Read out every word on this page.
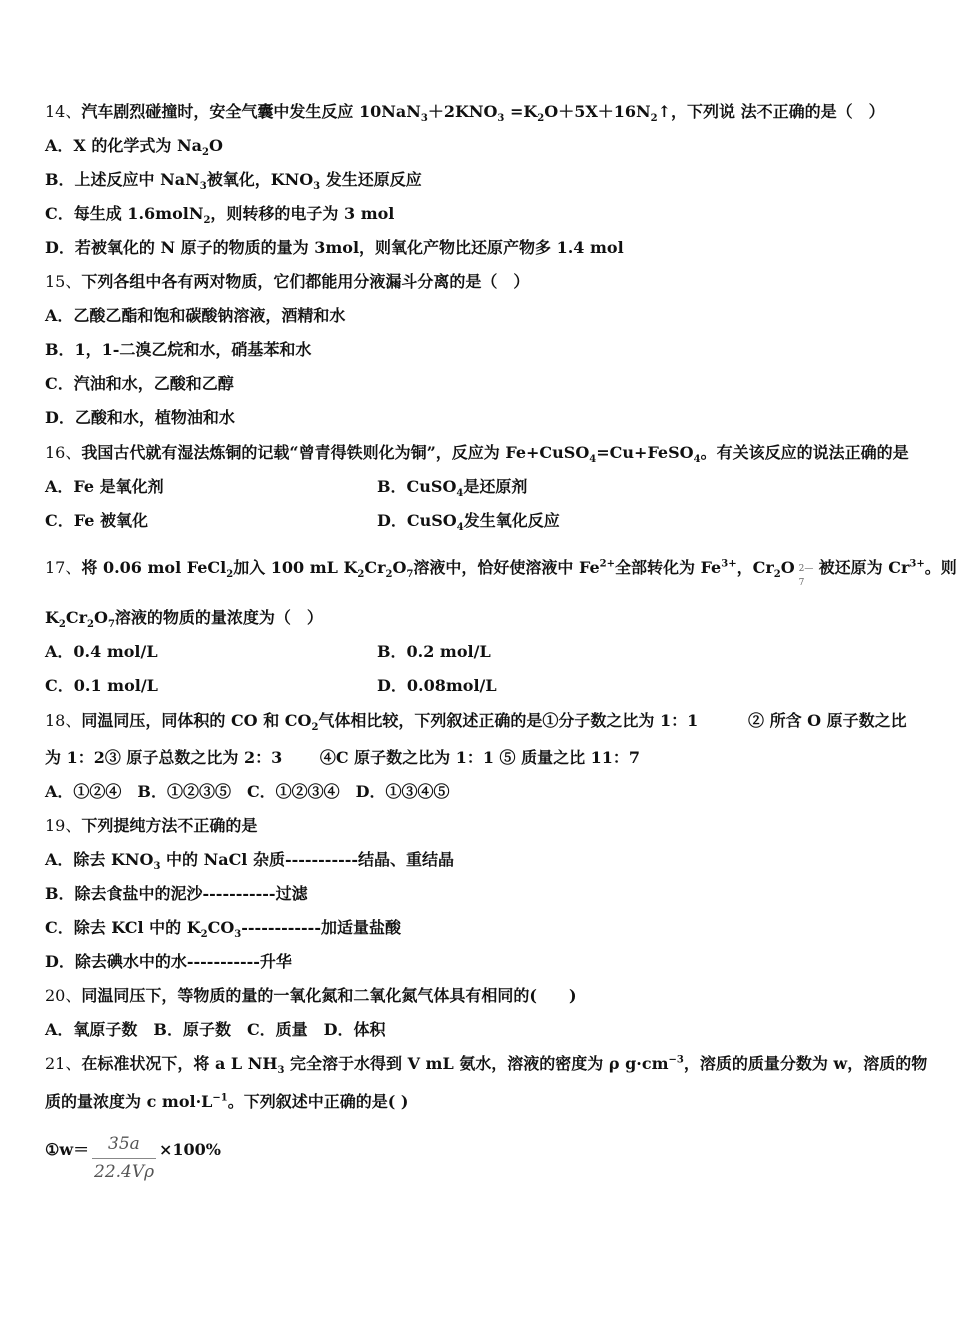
14、汽车剧烈碰撞时，安全气囊中发生反应 $10NaN_3+2KNO_3$ $=K_2O+5X+16N_2↑$，下列说 法不正确的是（　）
A．X 的化学式为 $Na_2O$
B．上述反应中 NaN$_3$被氧化，$KNO_3$ 发生还原反应
C．每生成 1.6molN$_2$，则转移的电子为 3 mol
D．若被氧化的 N 原子的物质的量为 3mol，则氧化产物比还原产物多 1.4 mol
15、下列各组中各有两对物质，它们都能用分液漏斗分离的是（　）
A．乙酸乙酯和饱和碳酸钠溶液，酒精和水
B．1，1-二溴乙烷和水，硝基苯和水
C．汽油和水，乙酸和乙醇
D．乙酸和水，植物油和水
16、我国古代就有湿法炼铜的记载“曾青得铁则化为铜”，反应为 Fe+CuSO$_4$=Cu+FeSO$_4$。有关该反应的说法正确的是
A．Fe 是氧化剂	B．CuSO$_4$是还原剂
C．Fe 被氧化	D．CuSO$_4$发生氧化反应
17、将 0.06 mol FeCl$_2$加入 100 mL $K_2Cr_2O_7$溶液中，恰好使溶液中 $Fe^{2+}$全部转化为 $Fe^{3+}$，$Cr_2O$ 2—
7
被还原为 $Cr^{3+}$。则
$K_2Cr_2O_7$溶液的物质的量浓度为（　）
A．0.4 mol/L	B．0.2 mol/L
C．0.1 mol/L	D．0.08mol/L
18、同温同压，同体积的 CO 和 $CO_2$气体相比较，下列叙述正确的是①分子数之比为 1：1	② 所含 O 原子数之比
为 1：2③ 原子总数之比为 2：3　　 ④C 原子数之比为 1：1 ⑤ 质量之比 11：7
A．①②④　B．①②③⑤　C．①②③④　D．①③④⑤
19、下列提纯方法不正确的是
A．除去 $KNO_3$ 中的 NaCl 杂质-----------结晶、重结晶
B．除去食盐中的泥沙-----------过滤
C．除去 KCl 中的 $K_2CO_3------------$加适量盐酸
D．除去碘水中的水-----------升华
20、同温同压下，等物质的量的一氧化氮和二氧化氮气体具有相同的(　　)
A．氧原子数　B．原子数　C．质量　D．体积
21、在标准状况下，将 a L $NH_3$ 完全溶于水得到 V mL 氨水，溶液的密度为 ρ $g\cdot cm^{-3}$，溶质的质量分数为 w，溶质的物
质的量浓度为 c $mol\cdot L^{-1}$。下列叙述中正确的是( )
①w＝ 35a
22.4Vρ
×100%
